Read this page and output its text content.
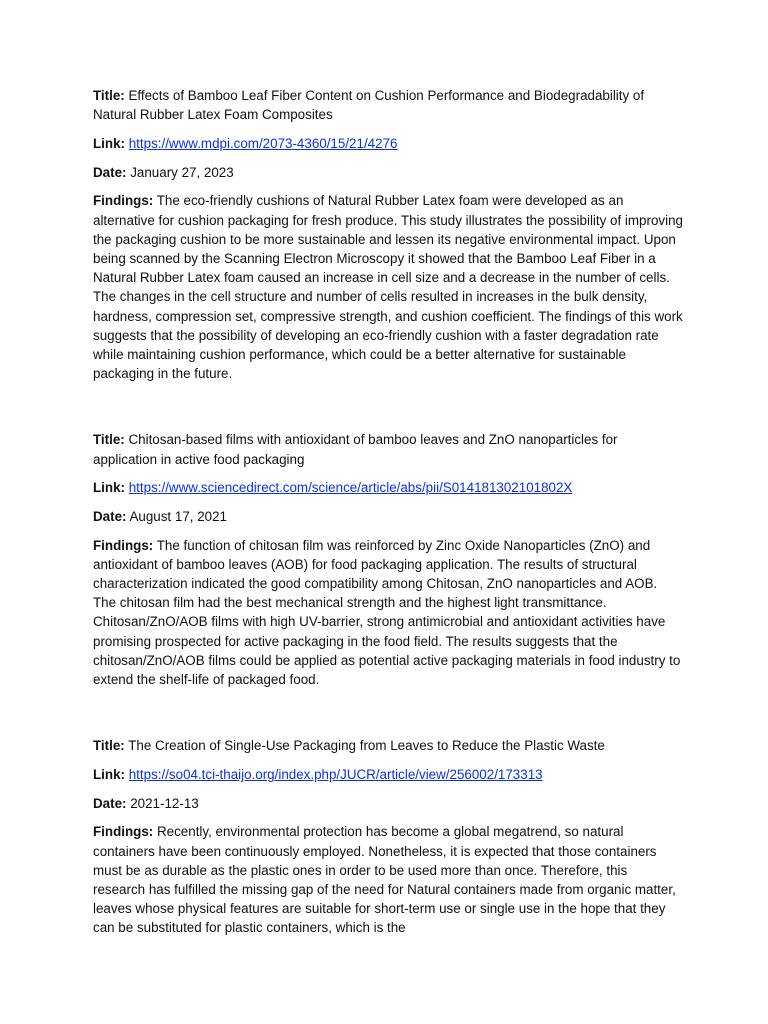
Title: Effects of Bamboo Leaf Fiber Content on Cushion Performance and Biodegradability of Natural Rubber Latex Foam Composites

Link: https://www.mdpi.com/2073-4360/15/21/4276

Date: January 27, 2023

Findings: The eco-friendly cushions of Natural Rubber Latex foam were developed as an alternative for cushion packaging for fresh produce. This study illustrates the possibility of improving the packaging cushion to be more sustainable and lessen its negative environmental impact. Upon being scanned by the Scanning Electron Microscopy it showed that the Bamboo Leaf Fiber in a Natural Rubber Latex foam caused an increase in cell size and a decrease in the number of cells. The changes in the cell structure and number of cells resulted in increases in the bulk density, hardness, compression set, compressive strength, and cushion coefficient. The findings of this work suggests that the possibility of developing an eco-friendly cushion with a faster degradation rate while maintaining cushion performance, which could be a better alternative for sustainable packaging in the future.

Title: Chitosan-based films with antioxidant of bamboo leaves and ZnO nanoparticles for application in active food packaging

Link: https://www.sciencedirect.com/science/article/abs/pii/S014181302101802X

Date: August 17, 2021

Findings: The function of chitosan film was reinforced by Zinc Oxide Nanoparticles (ZnO) and antioxidant of bamboo leaves (AOB) for food packaging application. The results of structural characterization indicated the good compatibility among Chitosan, ZnO nanoparticles and AOB. The chitosan film had the best mechanical strength and the highest light transmittance. Chitosan/ZnO/AOB films with high UV-barrier, strong antimicrobial and antioxidant activities have promising prospected for active packaging in the food field. The results suggests that the chitosan/ZnO/AOB films could be applied as potential active packaging materials in food industry to extend the shelf-life of packaged food.

Title: The Creation of Single-Use Packaging from Leaves to Reduce the Plastic Waste

Link: https://so04.tci-thaijo.org/index.php/JUCR/article/view/256002/173313

Date: 2021-12-13

Findings: Recently, environmental protection has become a global megatrend, so natural containers have been continuously employed. Nonetheless, it is expected that those containers must be as durable as the plastic ones in order to be used more than once. Therefore, this research has fulfilled the missing gap of the need for Natural containers made from organic matter, leaves whose physical features are suitable for short-term use or single use in the hope that they can be substituted for plastic containers, which is the
